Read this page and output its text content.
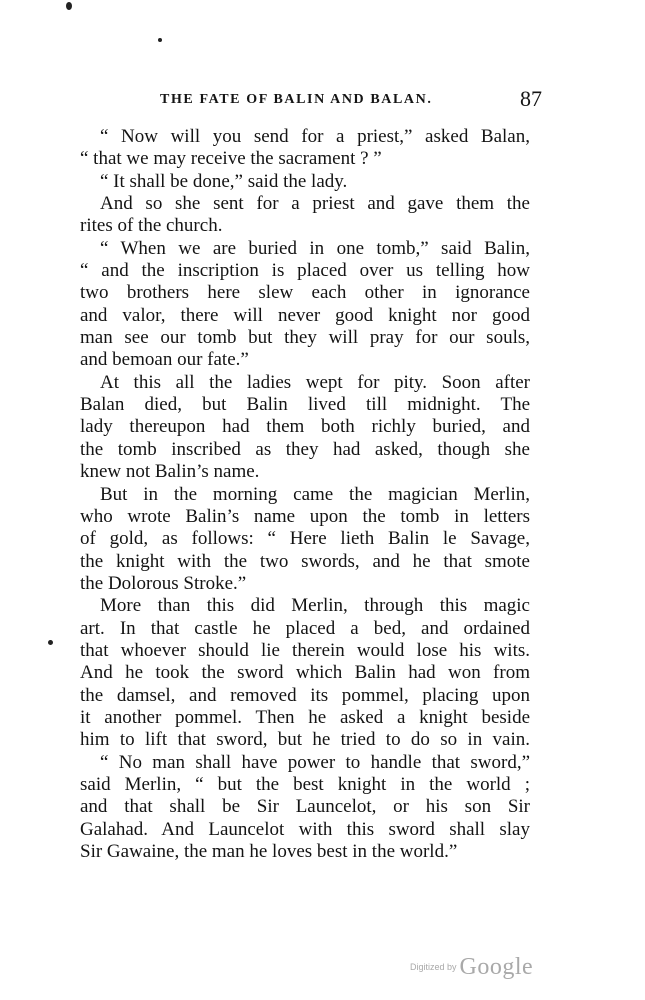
THE FATE OF BALIN AND BALAN.	87
“ Now will you send for a priest,” asked Balan,
“ that we may receive the sacrament ? ”
“ It shall be done,” said the lady.
And so she sent for a priest and gave them the
rites of the church.
“ When we are buried in one tomb,” said Balin,
“ and the inscription is placed over us telling how
two brothers here slew each other in ignorance
and valor, there will never good knight nor good
man see our tomb but they will pray for our souls,
and bemoan our fate.”
At this all the ladies wept for pity. Soon after
Balan died, but Balin lived till midnight. The
lady thereupon had them both richly buried, and
the tomb inscribed as they had asked, though she
knew not Balin’s name.
But in the morning came the magician Merlin,
who wrote Balin’s name upon the tomb in letters
of gold, as follows: “ Here lieth Balin le Savage,
the knight with the two swords, and he that smote
the Dolorous Stroke.”
More than this did Merlin, through this magic
art. In that castle he placed a bed, and ordained
that whoever should lie therein would lose his wits.
And he took the sword which Balin had won from
the damsel, and removed its pommel, placing upon
it another pommel. Then he asked a knight beside
him to lift that sword, but he tried to do so in vain.
“ No man shall have power to handle that sword,”
said Merlin, “ but the best knight in the world ;
and that shall be Sir Launcelot, or his son Sir
Galahad. And Launcelot with this sword shall slay
Sir Gawaine, the man he loves best in the world.”
$^{Digitized by}$ Google
